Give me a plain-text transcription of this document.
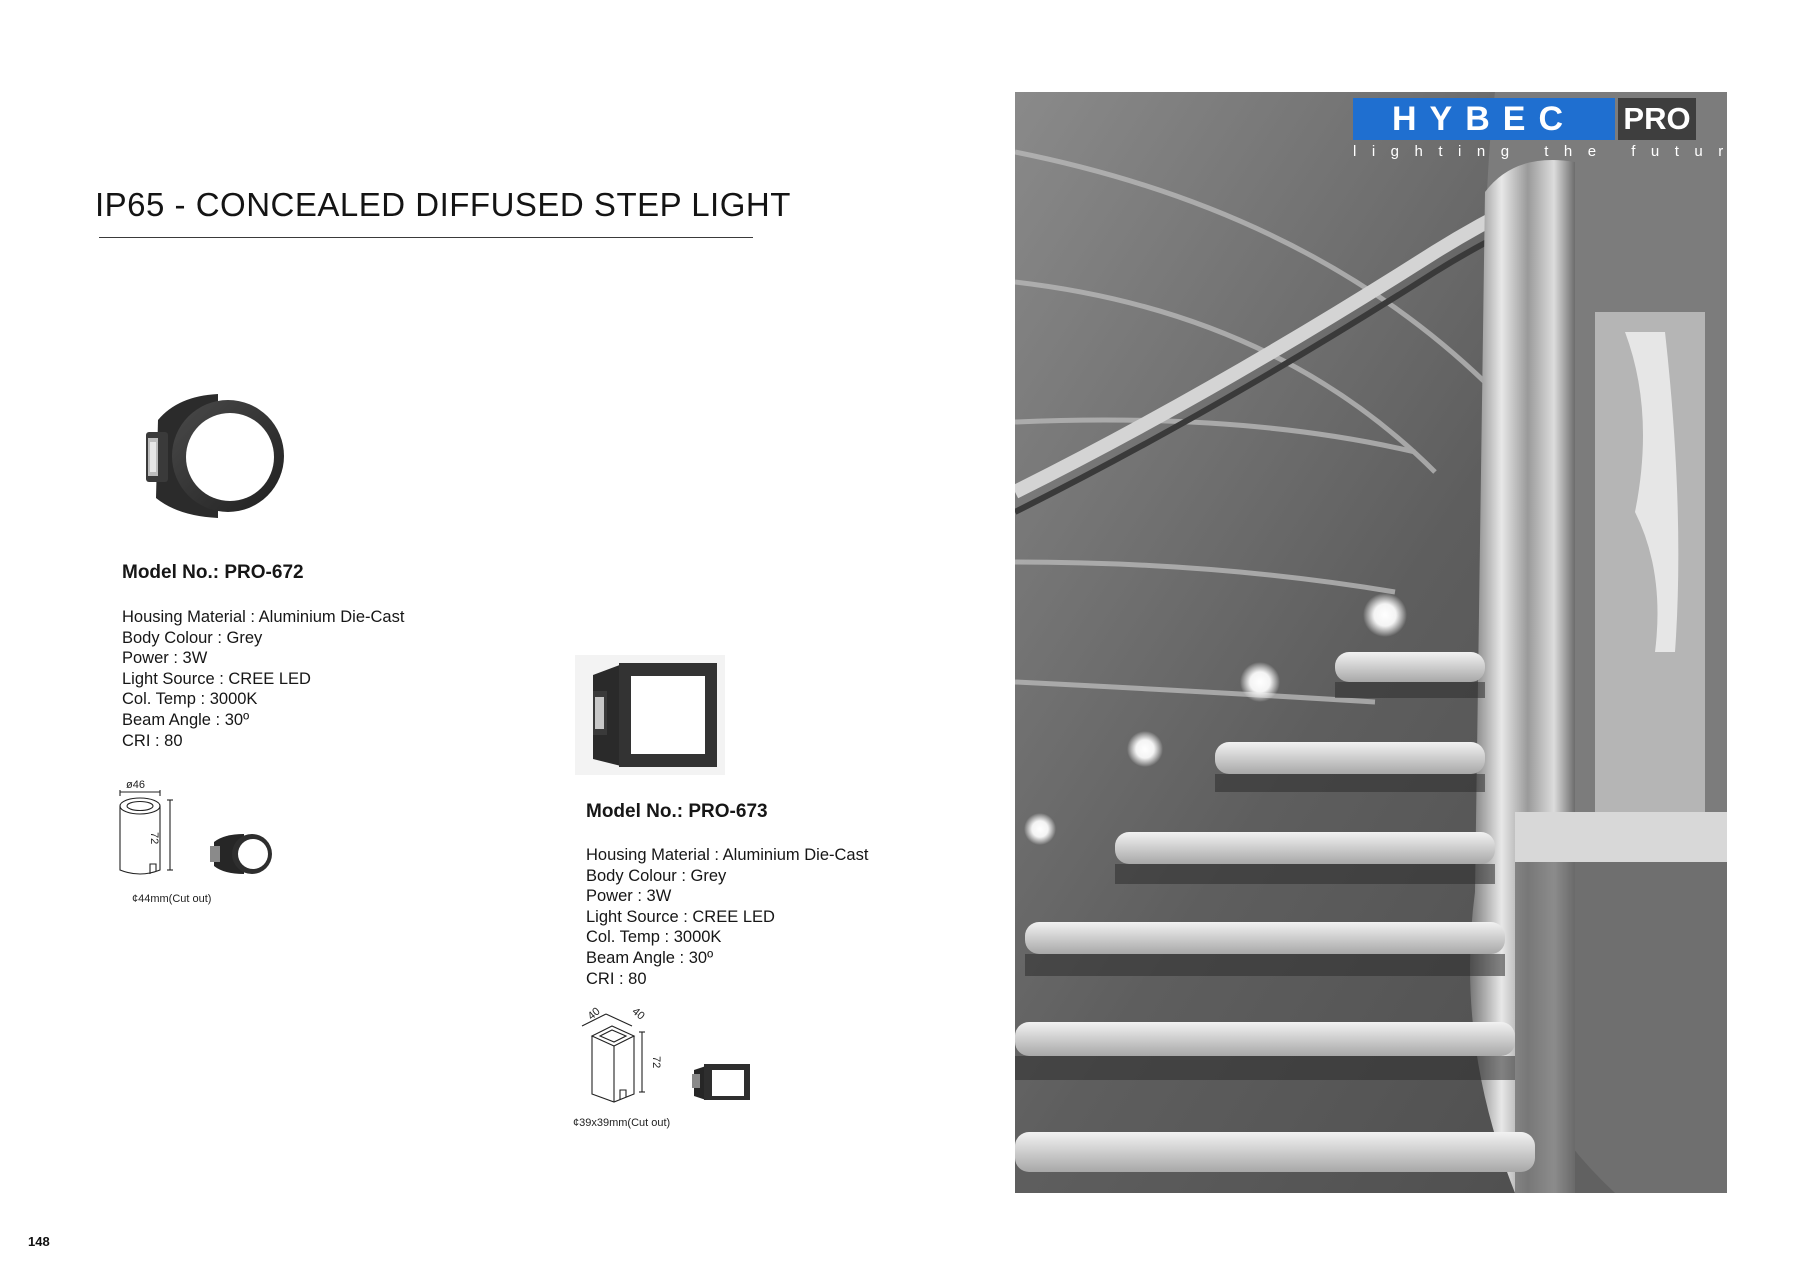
IP65 - CONCEALED DIFFUSED STEP LIGHT
Model No.: PRO-672
Housing Material : Aluminium Die-Cast
Body Colour : Grey
Power : 3W
Light Source : CREE LED
Col. Temp : 3000K
Beam Angle : 30º
CRI : 80
ø46
72
¢44mm(Cut out)
Model No.: PRO-673
Housing Material : Aluminium Die-Cast
Body Colour : Grey
Power : 3W
Light Source : CREE LED
Col. Temp : 3000K
Beam Angle : 30º
CRI : 80
40 40
72
¢39x39mm(Cut out)
HYBEC	PRO
lighting the future
148
